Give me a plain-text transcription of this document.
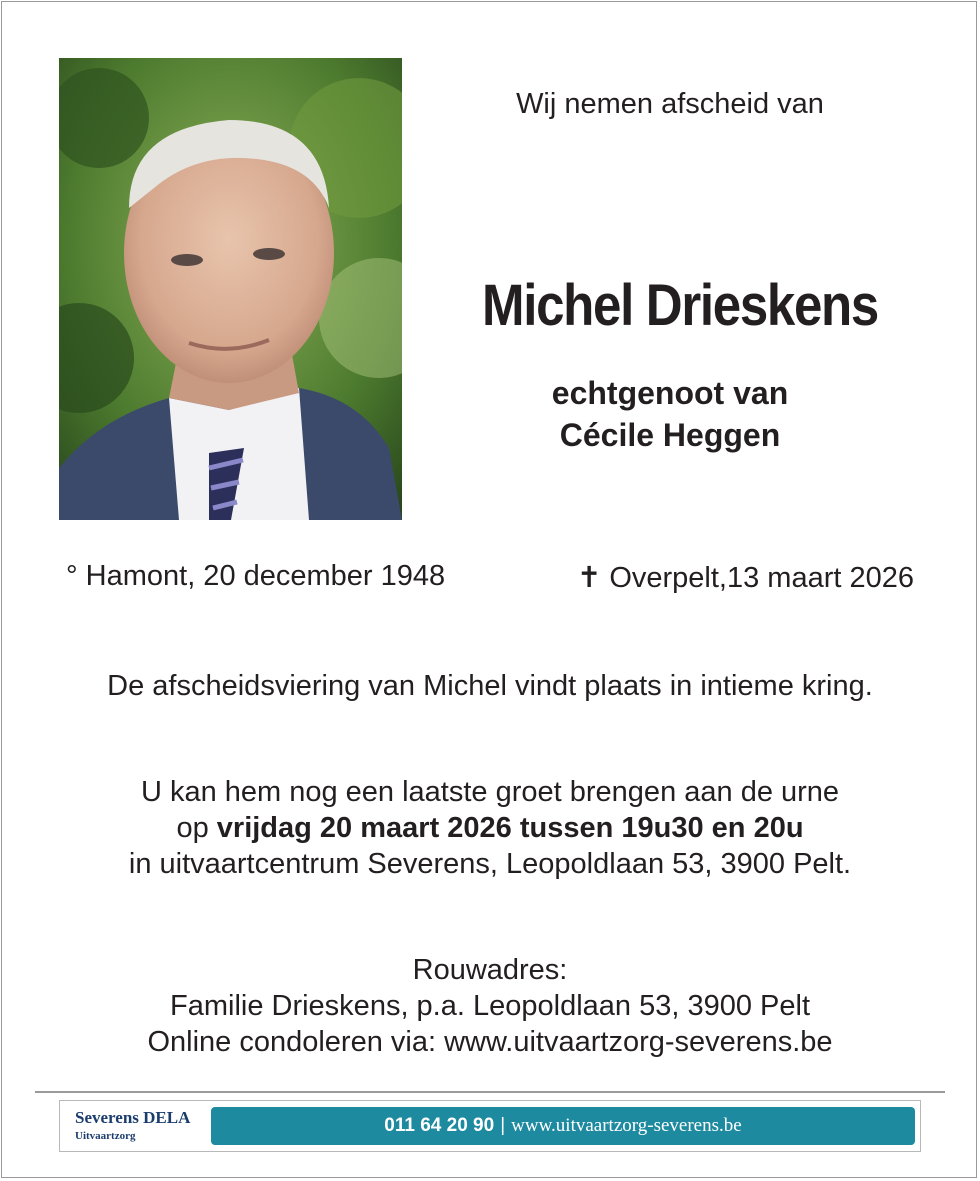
Wij nemen afscheid van
Michel Drieskens
echtgenoot van
Cécile Heggen
° Hamont, 20 december 1948	✝ Overpelt,13 maart 2026
De afscheidsviering van Michel vindt plaats in intieme kring.
U kan hem nog een laatste groet brengen aan de urne
op vrijdag 20 maart 2026 tussen 19u30 en 20u
in uitvaartcentrum Severens, Leopoldlaan 53, 3900 Pelt.
Rouwadres:
Familie Drieskens, p.a. Leopoldlaan 53, 3900 Pelt
Online condoleren via: www.uitvaartzorg-severens.be
Severens DELA
Uitvaartzorg	011 64 20 90 | www.uitvaartzorg-severens.be
